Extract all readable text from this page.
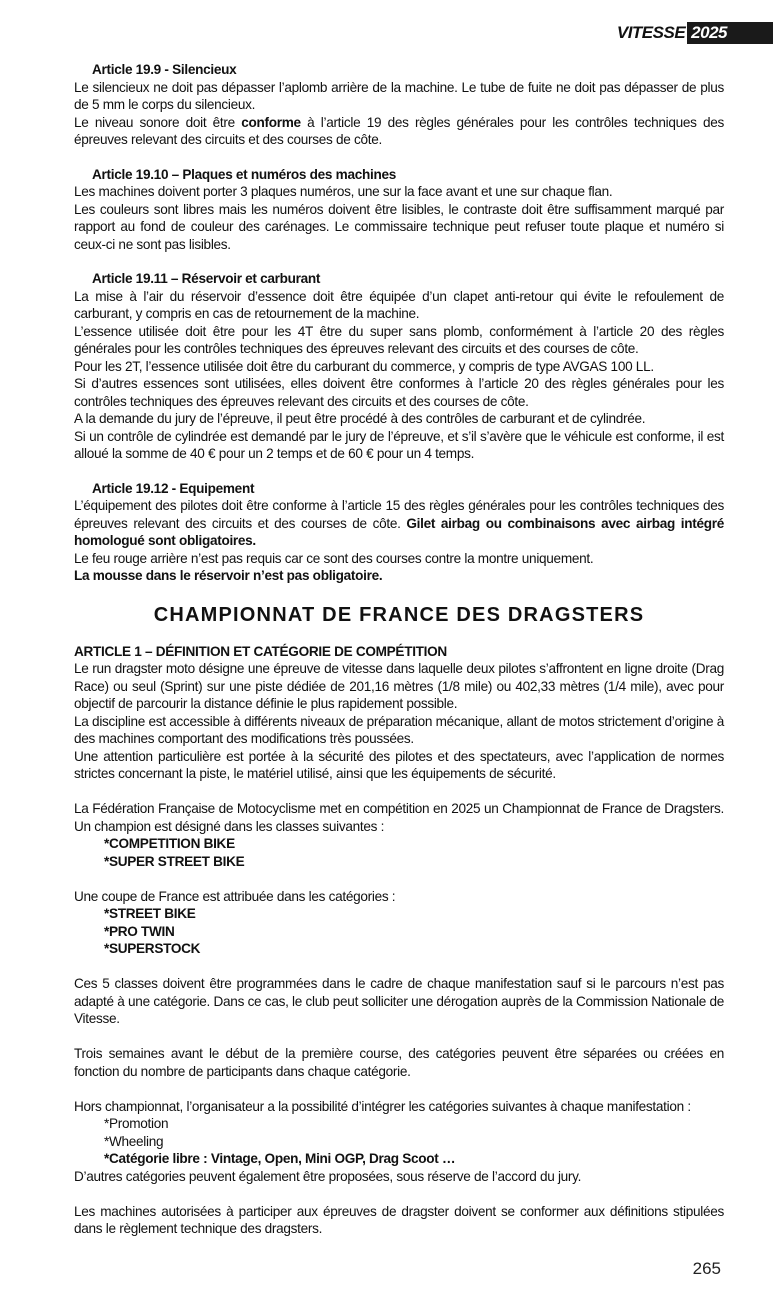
VITESSE 2025

Article 19.9 - Silencieux

Le silencieux ne doit pas dépasser l’aplomb arrière de la machine. Le tube de fuite ne doit pas dépasser de plus de 5 mm le corps du silencieux.

Le niveau sonore doit être conforme à l’article 19 des règles générales pour les contrôles techniques des épreuves relevant des circuits et des courses de côte.

Article 19.10 – Plaques et numéros des machines

Les machines doivent porter 3 plaques numéros, une sur la face avant et une sur chaque flan.

Les couleurs sont libres mais les numéros doivent être lisibles, le contraste doit être suffisamment marqué par rapport au fond de couleur des carénages. Le commissaire technique peut refuser toute plaque et numéro si ceux-ci ne sont pas lisibles.

Article 19.11 – Réservoir et carburant

La mise à l’air du réservoir d’essence doit être équipée d’un clapet anti-retour qui évite le refoulement de carburant, y compris en cas de retournement de la machine.

L’essence utilisée doit être pour les 4T être du super sans plomb, conformément à l’article 20 des règles générales pour les contrôles techniques des épreuves relevant des circuits et des courses de côte.

Pour les 2T, l’essence utilisée doit être du carburant du commerce, y compris de type AVGAS 100 LL.

Si d’autres essences sont utilisées, elles doivent être conformes à l’article 20 des règles générales pour les contrôles techniques des épreuves relevant des circuits et des courses de côte.

A la demande du jury de l’épreuve, il peut être procédé à des contrôles de carburant et de cylindrée.

Si un contrôle de cylindrée est demandé par le jury de l’épreuve, et s’il s’avère que le véhicule est conforme, il est alloué la somme de 40 € pour un 2 temps et de 60 € pour un 4 temps.

Article 19.12 - Equipement

L’équipement des pilotes doit être conforme à l’article 15 des règles générales pour les contrôles techniques des épreuves relevant des circuits et des courses de côte. Gilet airbag ou combinaisons avec airbag intégré homologué sont obligatoires.

Le feu rouge arrière n’est pas requis car ce sont des courses contre la montre uniquement.

La mousse dans le réservoir n’est pas obligatoire.

CHAMPIONNAT DE FRANCE DES DRAGSTERS

ARTICLE 1 – DÉFINITION ET CATÉGORIE DE COMPÉTITION

Le run dragster moto désigne une épreuve de vitesse dans laquelle deux pilotes s’affrontent en ligne droite (Drag Race) ou seul (Sprint) sur une piste dédiée de 201,16 mètres (1/8 mile) ou 402,33 mètres (1/4 mile), avec pour objectif de parcourir la distance définie le plus rapidement possible.

La discipline est accessible à différents niveaux de préparation mécanique, allant de motos strictement d’origine à des machines comportant des modifications très poussées.

Une attention particulière est portée à la sécurité des pilotes et des spectateurs, avec l’application de normes strictes concernant la piste, le matériel utilisé, ainsi que les équipements de sécurité.

La Fédération Française de Motocyclisme met en compétition en 2025 un Championnat de France de Dragsters. Un champion est désigné dans les classes suivantes :

*COMPETITION BIKE
*SUPER STREET BIKE

Une coupe de France est attribuée dans les catégories :

*STREET BIKE
*PRO TWIN
*SUPERSTOCK

Ces 5 classes doivent être programmées dans le cadre de chaque manifestation sauf si le parcours n’est pas adapté à une catégorie. Dans ce cas, le club peut solliciter une dérogation auprès de la Commission Nationale de Vitesse.

Trois semaines avant le début de la première course, des catégories peuvent être séparées ou créées en fonction du nombre de participants dans chaque catégorie.

Hors championnat, l’organisateur a la possibilité d’intégrer les catégories suivantes à chaque manifestation :

*Promotion
*Wheeling
*Catégorie libre : Vintage, Open, Mini OGP, Drag Scoot …

D’autres catégories peuvent également être proposées, sous réserve de l’accord du jury.

Les machines autorisées à participer aux épreuves de dragster doivent se conformer aux définitions stipulées dans le règlement technique des dragsters.

265
